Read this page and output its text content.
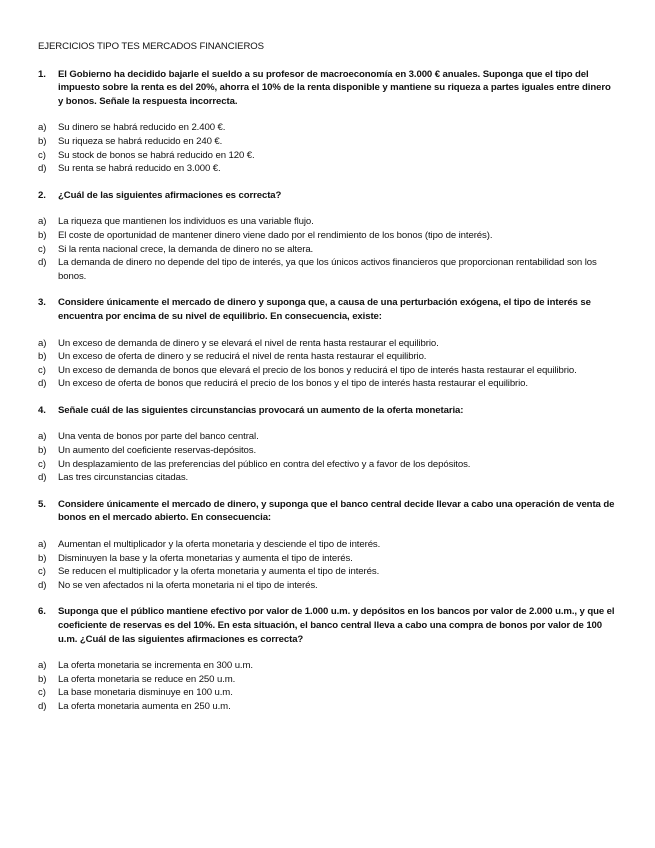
EJERCICIOS TIPO TES MERCADOS FINANCIEROS
1.	El Gobierno ha decidido bajarle el sueldo a su profesor de macroeconomía en 3.000 € anuales. Suponga que el tipo del impuesto sobre la renta es del 20%, ahorra el 10% de la renta disponible y mantiene su riqueza a partes iguales entre dinero y bonos. Señale la respuesta incorrecta.
a)	Su dinero se habrá reducido en 2.400 €.
b)	Su riqueza se habrá reducido en 240 €.
c)	Su stock de bonos se habrá reducido en 120 €.
d)	Su renta se habrá reducido en 3.000 €.
2.	¿Cuál de las siguientes afirmaciones es correcta?
a)	La riqueza que mantienen los individuos es una variable flujo.
b)	El coste de oportunidad de mantener dinero viene dado por el rendimiento de los bonos (tipo de interés).
c)	Si la renta nacional crece, la demanda de dinero no se altera.
d)	La demanda de dinero no depende del tipo de interés, ya que los únicos activos financieros que proporcionan rentabilidad son los bonos.
3.	Considere únicamente el mercado de dinero y suponga que, a causa de una perturbación exógena, el tipo de interés se encuentra por encima de su nivel de equilibrio. En consecuencia, existe:
a)	Un exceso de demanda de dinero y se elevará el nivel de renta hasta restaurar el equilibrio.
b)	Un exceso de oferta de dinero y se reducirá el nivel de renta hasta restaurar el equilibrio.
c)	Un exceso de demanda de bonos que elevará el precio de los bonos y reducirá el tipo de interés hasta restaurar el equilibrio.
d)	Un exceso de oferta de bonos que reducirá el precio de los bonos y el tipo de interés hasta restaurar el equilibrio.
4.	Señale cuál de las siguientes circunstancias provocará un aumento de la oferta monetaria:
a)	Una venta de bonos por parte del banco central.
b)	Un aumento del coeficiente reservas-depósitos.
c)	Un desplazamiento de las preferencias del público en contra del efectivo y a favor de los depósitos.
d)	Las tres circunstancias citadas.
5.	Considere únicamente el mercado de dinero, y suponga que el banco central decide llevar a cabo una operación de venta de bonos en el mercado abierto. En consecuencia:
a)	Aumentan el multiplicador y la oferta monetaria y desciende el tipo de interés.
b)	Disminuyen la base y la oferta monetarias y aumenta el tipo de interés.
c)	Se reducen el multiplicador y la oferta monetaria y aumenta el tipo de interés.
d)	No se ven afectados ni la oferta monetaria ni el tipo de interés.
6.	Suponga que el público mantiene efectivo por valor de 1.000 u.m. y depósitos en los bancos por valor de 2.000 u.m., y que el coeficiente de reservas es del 10%. En esta situación, el banco central lleva a cabo una compra de bonos por valor de 100 u.m. ¿Cuál de las siguientes afirmaciones es correcta?
a)	La oferta monetaria se incrementa en 300 u.m.
b)	La oferta monetaria se reduce en 250 u.m.
c)	La base monetaria disminuye en 100 u.m.
d)	La oferta monetaria aumenta en 250 u.m.
